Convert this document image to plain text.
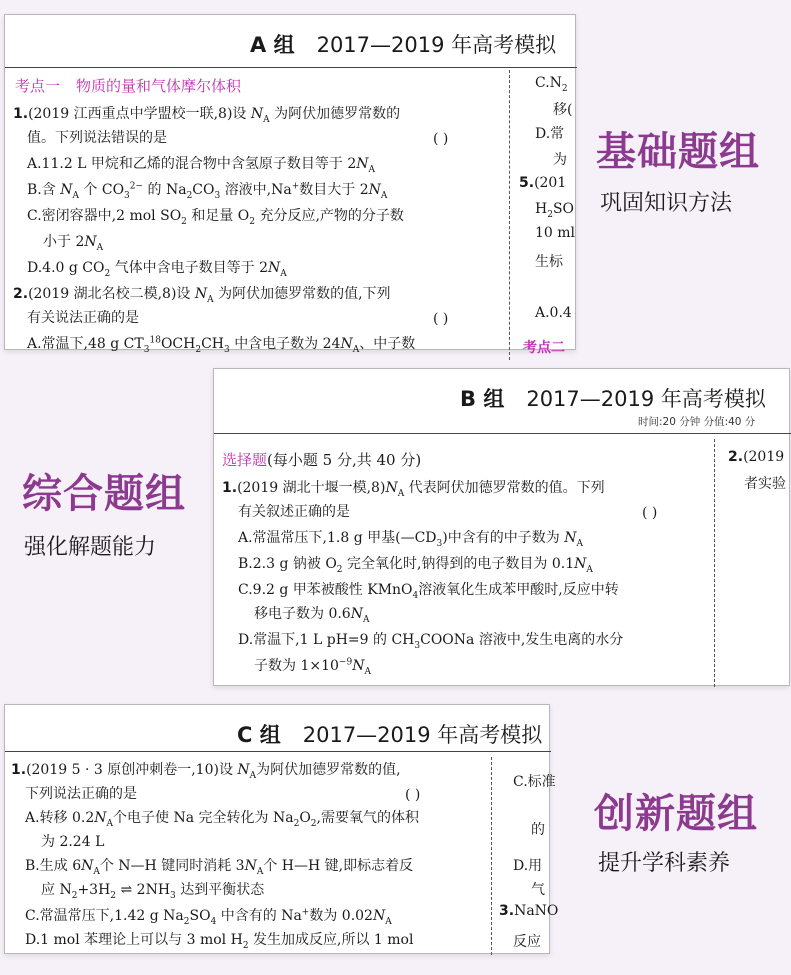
A 组 2017—2019 年高考模拟
考点一 物质的量和气体摩尔体积
1.(2019 江西重点中学盟校一联,8)设 $N_A$ 为阿伏加德罗常数的
值。下列说法错误的是	( )
A.11.2 L 甲烷和乙烯的混合物中含氢原子数目等于 $2N_A$
B.含 $N_A$ 个 $CO_3^{2-}$ 的 $Na_2CO_3$ 溶液中,Na+数目大于 $2N_A$
C.密闭容器中,2 mol $SO_2$ 和足量 $O_2$ 充分反应,产物的分子数
小于 $2N_A$
D.4.0 g $CO_2$ 气体中含电子数目等于 $2N_A$
2.(2019 湖北名校二模,8)设 $N_A$ 为阿伏加德罗常数的值,下列
有关说法正确的是	( )
A.常温下,48 g $CT_3^{18}OCH_2CH_3$ 中含电子数为 $24N_A$、中子数
$C.N_2$
移(
D.常
为
5.(201
$H_2SO$
10 ml
生标
A.0.4
考点二
基础题组
巩固知识方法
B 组 2017—2019 年高考模拟
时间:20 分钟 分值:40 分
选择题(每小题 5 分,共 40 分)
1.(2019 湖北十堰一模$,8)N_A$ 代表阿伏加德罗常数的值。下列
有关叙述正确的是	( )
A.常温常压下,1.8 g 甲基$(—CD_3)$中含有的中子数为 $N_A$
B.2.3 g 钠被 $O_2$ 完全氧化时,钠得到的电子数目为 $0.1N_A$
C.9.2 g 甲苯被酸性 KMnO$_4$溶液氧化生成苯甲酸时,反应中转
移电子数为 $0.6N_A$
D.常温下,1 L pH=9 的 $CH_3COONa$ 溶液中,发生电离的水分
子数为 $1\times 10^{-9}N_A$
2.(2019
者实验
综合题组
强化解题能力
C 组 2017—2019 年高考模拟
1.(2019 5 · 3 原创冲刺卷一,10)设 $N_A$为阿伏加德罗常数的值,
下列说法正确的是	( )
A.转移 $0.2N_A$个电子使 Na 完全转化为 $Na_2O_2$,需要氧气的体积
为 2.24 L
B.生成 $6N_A$个 N—H 键同时消耗 $3N_A$个 H—H 键,即标志着反
应 $N_2+3H_2$ ⇌ $2NH_3$ 达到平衡状态
C.常温常压下,1.42 g $Na_2SO_4$ 中含有的 Na+数为 $0.02N_A$
D.1 mol 苯理论上可以与 3 mol $H_2$ 发生加成反应,所以 1 mol
C.标准
的
D.用
气
3.NaNO
反应
创新题组
提升学科素养
